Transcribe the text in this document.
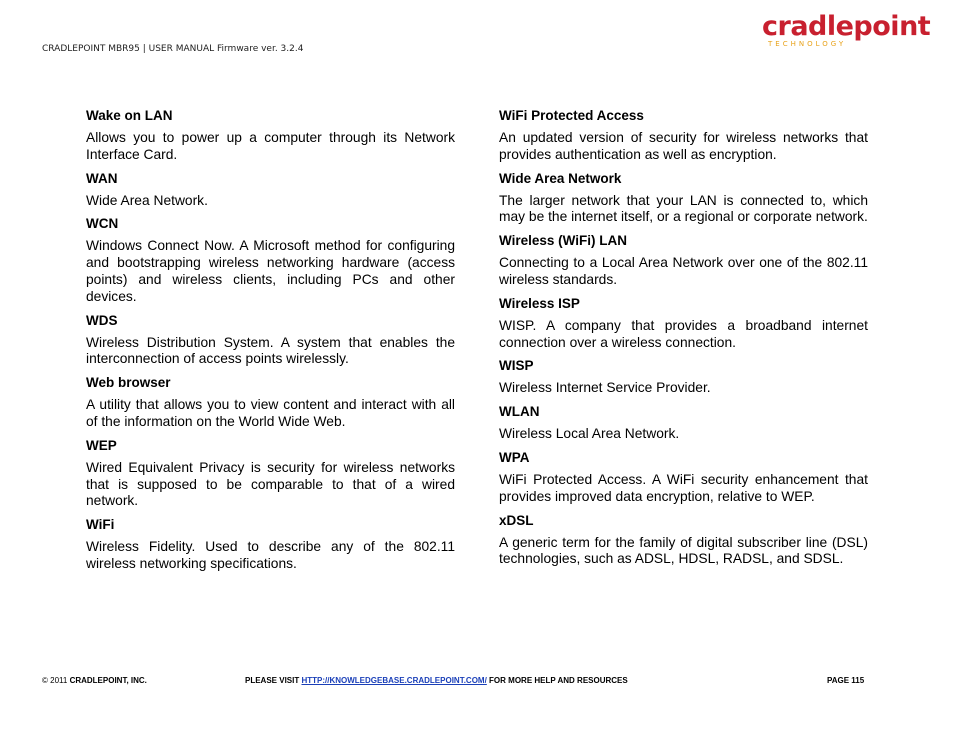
CRADLEPOINT MBR95 | USER MANUAL Firmware ver. 3.2.4
cradlepoint
TECHNOLOGY

Wake on LAN

Allows you to power up a computer through its Network Interface Card.

WAN

Wide Area Network.

WCN

Windows Connect Now. A Microsoft method for configuring and bootstrapping wireless networking hardware (access points) and wireless clients, including PCs and other devices.

WDS

Wireless Distribution System. A system that enables the interconnection of access points wirelessly.

Web browser

A utility that allows you to view content and interact with all of the information on the World Wide Web.

WEP

Wired Equivalent Privacy is security for wireless networks that is supposed to be comparable to that of a wired network.

WiFi

Wireless Fidelity. Used to describe any of the 802.11 wireless networking specifications.

WiFi Protected Access

An updated version of security for wireless networks that provides authentication as well as encryption.

Wide Area Network

The larger network that your LAN is connected to, which may be the internet itself, or a regional or corporate network.

Wireless (WiFi) LAN

Connecting to a Local Area Network over one of the 802.11 wireless standards.

Wireless ISP

WISP. A company that provides a broadband internet connection over a wireless connection.

WISP

Wireless Internet Service Provider.

WLAN

Wireless Local Area Network.

WPA

WiFi Protected Access. A WiFi security enhancement that provides improved data encryption, relative to WEP.

xDSL

A generic term for the family of digital subscriber line (DSL) technologies, such as ADSL, HDSL, RADSL, and SDSL.

© 2011 CRADLEPOINT, INC.	PLEASE VISIT HTTP://KNOWLEDGEBASE.CRADLEPOINT.COM/ FOR MORE HELP AND RESOURCES	PAGE 115
